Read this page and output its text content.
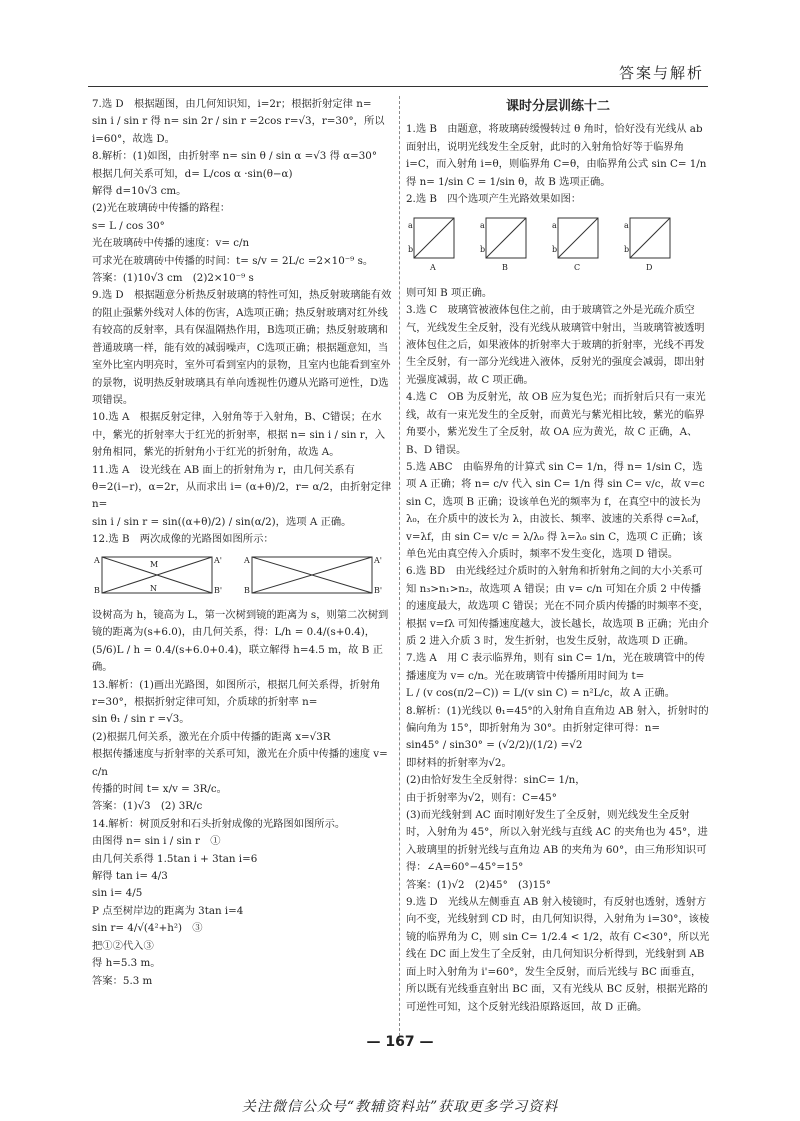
答案与解析

7.选 D　根据题图，由几何知识知，i=2r；根据折射定律 n=

sin i / sin r 得 n= sin 2r / sin r =2cos r=√3，r=30°，所以 i=60°，故选 D。

8.解析：(1)如图，由折射率 n= sin θ / sin α =√3 得 α=30°

根据几何关系可知，d= L/cos α ·sin(θ−α)

解得 d=10√3 cm。

(2)光在玻璃砖中传播的路程：

s= L / cos 30°

光在玻璃砖中传播的速度：v= c/n

可求光在玻璃砖中传播的时间：t= s/v = 2L/c =2×10⁻⁹ s。

答案：(1)10√3 cm　(2)2×10⁻⁹ s

9.选 D　根据题意分析热反射玻璃的特性可知，热反射玻璃能有效的阻止强紫外线对人体的伤害，A选项正确；热反射玻璃对红外线有较高的反射率，具有保温隔热作用，B选项正确；热反射玻璃和普通玻璃一样，能有效的减弱噪声，C选项正确；根据题意知，当室外比室内明亮时，室外可看到室内的景物，且室内也能看到室外的景物，说明热反射玻璃具有单向透视性仍遵从光路可逆性，D选项错误。

10.选 A　根据反射定律，入射角等于入射角，B、C错误；在水中，紫光的折射率大于红光的折射率，根据 n= sin i / sin r，入射角相同，紫光的折射角小于红光的折射角，故选 A。

11.选 A　设光线在 AB 面上的折射角为 r，由几何关系有 θ=2(i−r)，α=2r，从而求出 i= (α+θ)/2，r= α/2，由折射定律 n=

sin i / sin r = sin((α+θ)/2) / sin(α/2)，选项 A 正确。

12.选 B　两次成像的光路图如图所示：

A
B
M
N
A'
B'
A
B
A'
B'

设树高为 h，镜高为 L，第一次树到镜的距离为 s，则第二次树到镜的距离为(s+6.0)，由几何关系，得：L/h = 0.4/(s+0.4)，

(5/6)L / h = 0.4/(s+6.0+0.4)，联立解得 h=4.5 m，故 B 正确。

13.解析：(1)画出光路图，如图所示，根据几何关系得，折射角 r=30°，根据折射定律可知，介质球的折射率 n=

sin θ₁ / sin r =√3。

(2)根据几何关系，激光在介质中传播的距离 x=√3R

根据传播速度与折射率的关系可知，激光在介质中传播的速度 v= c/n

传播的时间 t= x/v = 3R/c。

答案：(1)√3　(2) 3R/c

14.解析：树顶反射和石头折射成像的光路图如图所示。

由图得 n= sin i / sin r　①

由几何关系得 1.5tan i + 3tan i=6

解得 tan i= 4/3

sin i= 4/5

P 点至树岸边的距离为 3tan i=4

sin r= 4/√(4²+h²)　③

把①②代入③

得 h=5.3 m。

答案：5.3 m

课时分层训练十二

1.选 B　由题意，将玻璃砖缓慢转过 θ 角时，恰好没有光线从 ab 面射出，说明光线发生全反射，此时的入射角恰好等于临界角 i=C，而入射角 i=θ，则临界角 C=θ，由临界角公式 sin C= 1/n 得 n= 1/sin C = 1/sin θ，故 B 选项正确。

2.选 B　四个选项产生光路效果如图：

a
b
A
a
b
B
a
b
C
a
b
D

则可知 B 项正确。

3.选 C　玻璃管被液体包住之前，由于玻璃管之外是光疏介质空气，光线发生全反射，没有光线从玻璃管中射出，当玻璃管被透明液体包住之后，如果液体的折射率大于玻璃的折射率，光线不再发生全反射，有一部分光线进入液体，反射光的强度会减弱，即出射光强度减弱，故 C 项正确。

4.选 C　OB 为反射光，故 OB 应为复色光；而折射后只有一束光线，故有一束光发生的全反射，而黄光与紫光相比较，紫光的临界角要小，紫光发生了全反射，故 OA 应为黄光，故 C 正确，A、B、D 错误。

5.选 ABC　由临界角的计算式 sin C= 1/n，得 n= 1/sin C，选项 A 正确；将 n= c/v 代入 sin C= 1/n 得 sin C= v/c，故 v=c sin C，选项 B 正确；设该单色光的频率为 f，在真空中的波长为 λ₀，在介质中的波长为 λ，由波长、频率、波速的关系得 c=λ₀f，v=λf，由 sin C= v/c = λ/λ₀ 得 λ=λ₀ sin C，选项 C 正确；该单色光由真空传入介质时，频率不发生变化，选项 D 错误。

6.选 BD　由光线经过介质时的入射角和折射角之间的大小关系可知 n₃>n₁>n₂，故选项 A 错误；由 v= c/n 可知在介质 2 中传播的速度最大，故选项 C 错误；光在不同介质内传播的时频率不变，根据 v=fλ 可知传播速度越大，波长越长，故选项 B 正确；光由介质 2 进入介质 3 时，发生折射，也发生反射，故选项 D 正确。

7.选 A　用 C 表示临界角，则有 sin C= 1/n，光在玻璃管中的传播速度为 v= c/n。光在玻璃管中传播所用时间为 t=

L / (v cos(π/2−C)) = L/(v sin C) = n²L/c，故 A 正确。

8.解析：(1)光线以 θ₁=45°的入射角自直角边 AB 射入，折射时的偏向角为 15°，即折射角为 30°。由折射定律可得：n=

sin45° / sin30° = (√2/2)/(1/2) =√2

即材料的折射率为√2。

(2)由恰好发生全反射得：sinC= 1/n，

由于折射率为√2，则有：C=45°

(3)而光线射到 AC 面时刚好发生了全反射，则光线发生全反射时，入射角为 45°，所以入射光线与直线 AC 的夹角也为 45°，进入玻璃里的折射光线与直角边 AB 的夹角为 60°，由三角形知识可得：∠A=60°−45°=15°

答案：(1)√2　(2)45°　(3)15°

9.选 D　光线从左侧垂直 AB 射入棱镜时，有反射也透射，透射方向不变，光线射到 CD 时，由几何知识得，入射角为 i=30°，该棱镜的临界角为 C，则 sin C= 1/2.4 < 1/2，故有 C<30°，所以光线在 DC 面上发生了全反射，由几何知识分析得到，光线射到 AB 面上时入射角为 i'=60°，发生全反射，而后光线与 BC 面垂直，所以既有光线垂直射出 BC 面，又有光线从 BC 反射，根据光路的可逆性可知，这个反射光线沿原路返回，故 D 正确。

— 167 —
关注微信公众号“教辅资料站”获取更多学习资料
